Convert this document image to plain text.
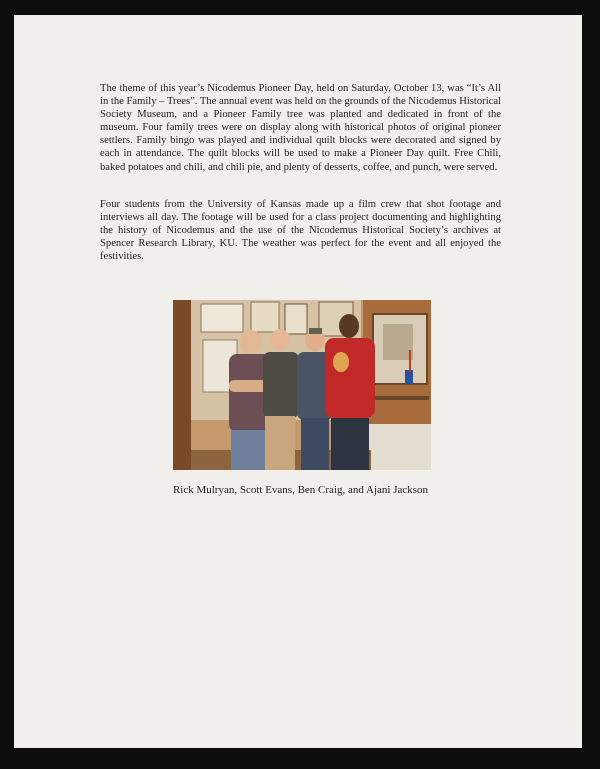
The theme of this year’s Nicodemus Pioneer Day, held on Saturday, October 13, was “It’s All in the Family – Trees”. The annual event was held on the grounds of the Nicodemus Historical Society Museum, and a Pioneer Family tree was planted and dedicated in front of the museum. Four family trees were on display along with historical photos of original pioneer settlers. Family bingo was played and individual quilt blocks were decorated and signed by each in attendance. The quilt blocks will be used to make a Pioneer Day quilt. Free Chili, baked potatoes and chili, and chili pie, and plenty of desserts, coffee, and punch, were served.

Four students from the University of Kansas made up a film crew that shot footage and interviews all day. The footage will be used for a class project documenting and highlighting the history of Nicodemus and the use of the Nicodemus Historical Society’s archives at Spencer Research Library, KU. The weather was perfect for the event and all enjoyed the festivities.

Rick Mulryan, Scott Evans, Ben Craig, and Ajani Jackson
